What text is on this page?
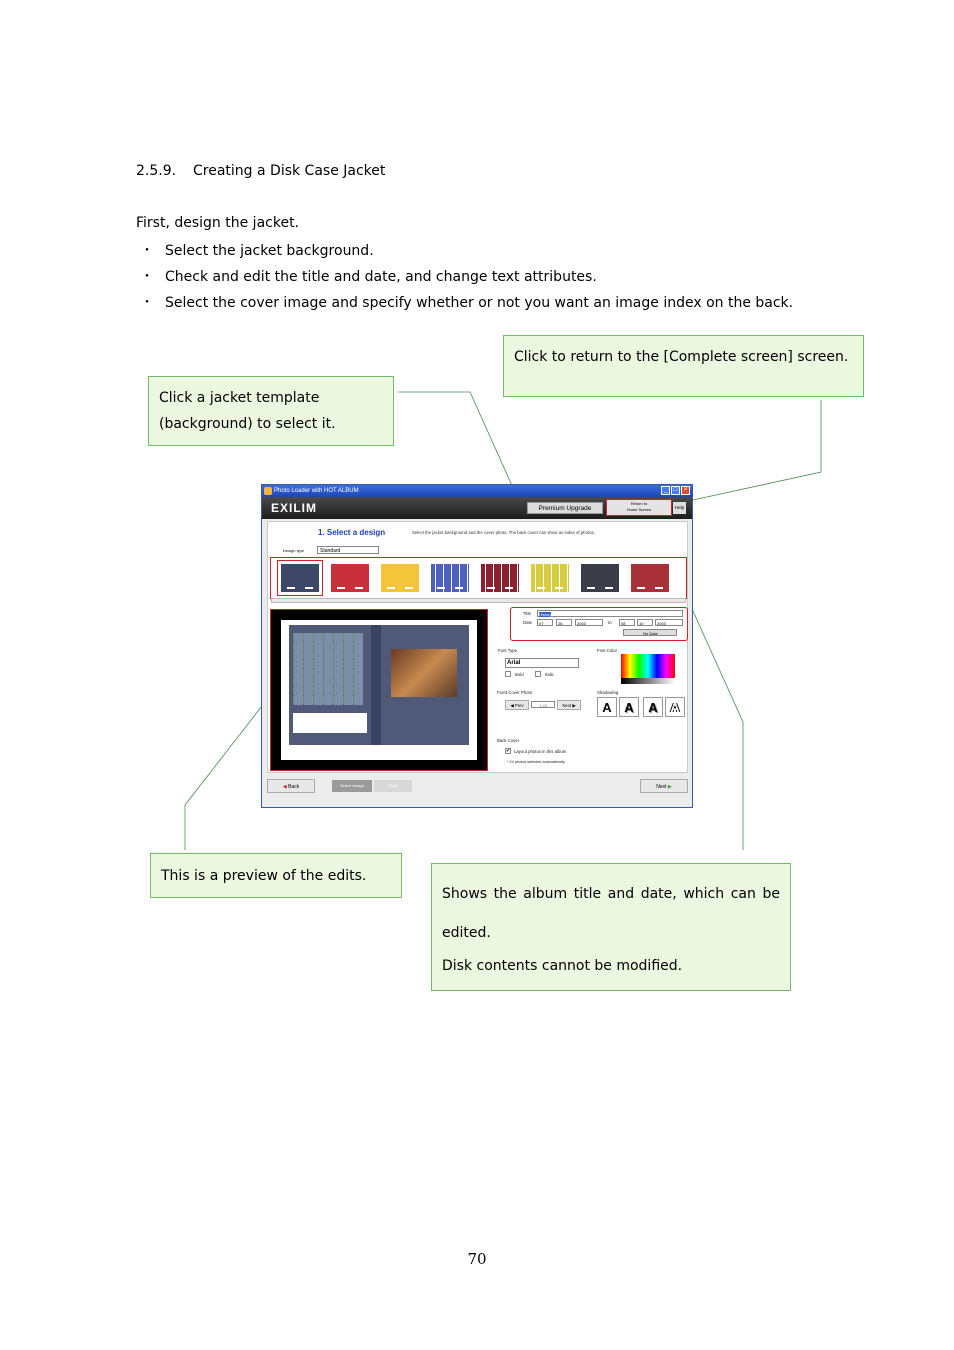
2.5.9. Creating a Disk Case Jacket
First, design the jacket.
・ Select the jacket background.
・ Check and edit the title and date, and change text attributes.
・ Select the cover image and specify whether or not you want an image index on the back.
Click to return to the [Complete screen] screen.
Click a jacket template
(background) to select it.
This is a preview of the edits.
Shows the album title and date, which can be
edited.
Disk contents cannot be modified.
Photo Loader with HOT ALBUM	_	□	×
EXILIM	Premium Upgrade
Return to
Home Screen	Help
1. Select a design	Select the jacket background and the cover photo. The back cover can show an index of photos.
Design type	Standard
Title	History
Date	07	26	2003	to	08	10	2003
No Date
Font Type
Arial
Bold	Italic
Font Color
Front Cover Photo
◀ Prev	1/28	Next ▶
Shadowing
A A	A A
Back Cover
✔ Layout photos in this album
* 24 photos selected automatically.
◀ Back	Select design	Print	Next ▶
70
